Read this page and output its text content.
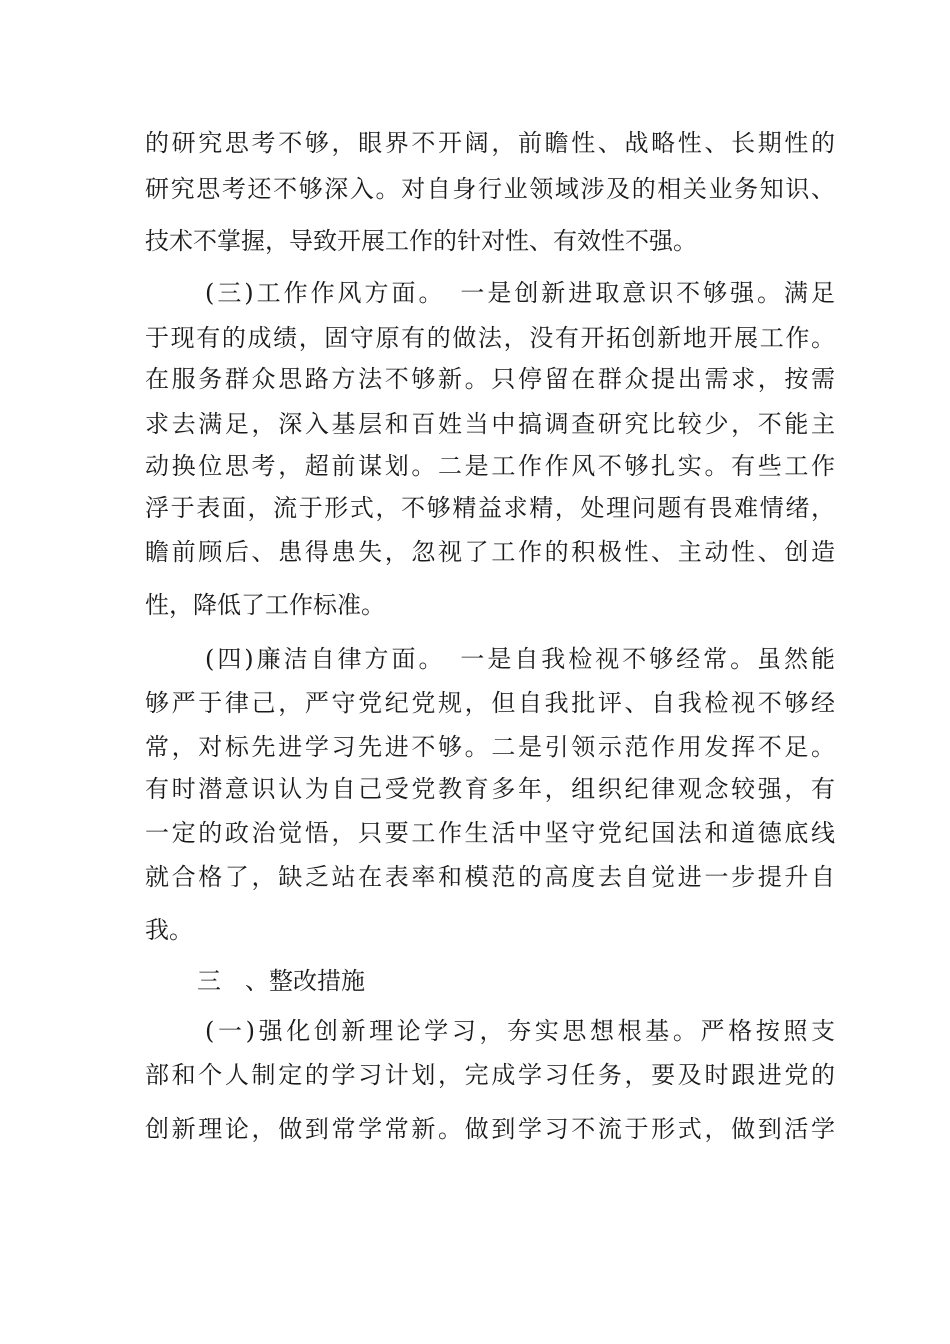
的研究思考不够，眼界不开阔，前瞻性、战略性、长期性的
研究思考还不够深入。对自身行业领域涉及的相关业务知识、
技术不掌握，导致开展工作的针对性、有效性不强。
(三)工作作风方面。　一是创新进取意识不够强。满足
于现有的成绩，固守原有的做法，没有开拓创新地开展工作。
在服务群众思路方法不够新。只停留在群众提出需求，按需
求去满足，深入基层和百姓当中搞调查研究比较少，不能主
动换位思考，超前谋划。二是工作作风不够扎实。有些工作
浮于表面，流于形式，不够精益求精，处理问题有畏难情绪，
瞻前顾后、患得患失，忽视了工作的积极性、主动性、创造
性，降低了工作标准。
(四)廉洁自律方面。　一是自我检视不够经常。虽然能
够严于律己，严守党纪党规，但自我批评、自我检视不够经
常，对标先进学习先进不够。二是引领示范作用发挥不足。
有时潜意识认为自己受党教育多年，组织纪律观念较强，有
一定的政治觉悟，只要工作生活中坚守党纪国法和道德底线
就合格了，缺乏站在表率和模范的高度去自觉进一步提升自
我。
三　、整改措施
(一)强化创新理论学习，夯实思想根基。严格按照支
部和个人制定的学习计划，完成学习任务，要及时跟进党的
创新理论，做到常学常新。做到学习不流于形式，做到活学
